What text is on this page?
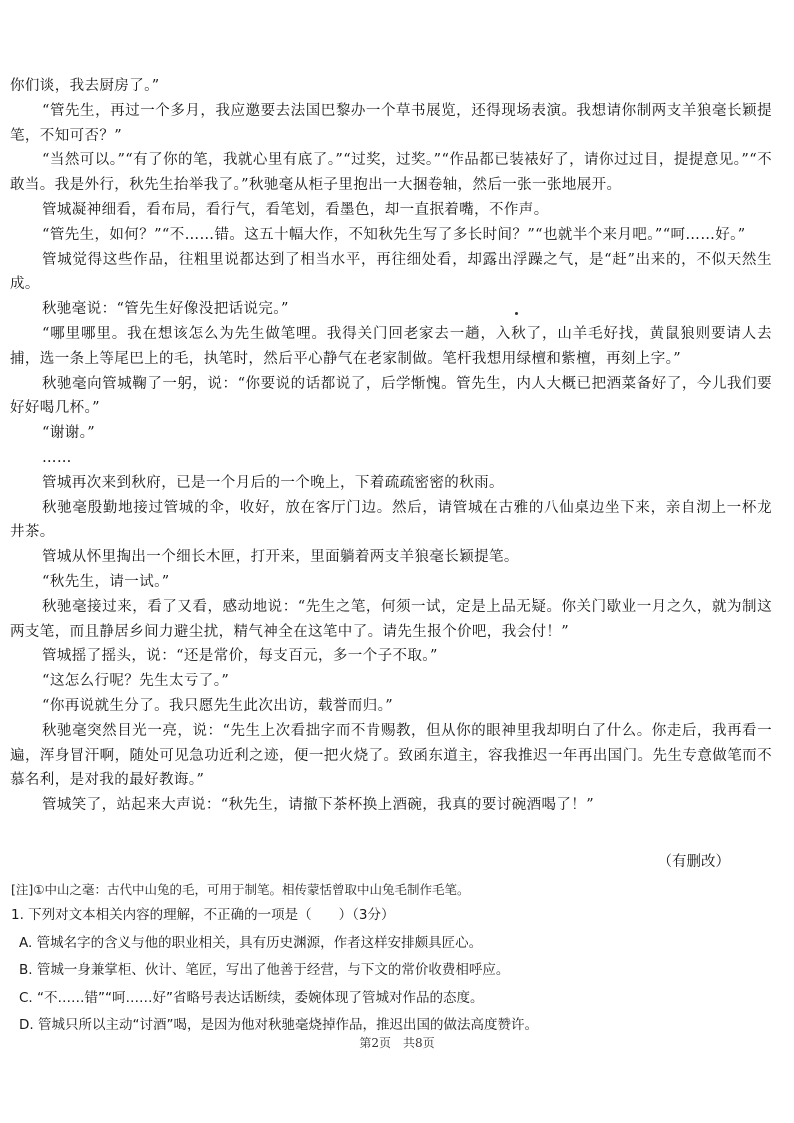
你们谈，我去厨房了。”

“管先生，再过一个多月，我应邀要去法国巴黎办一个草书展览，还得现场表演。我想请你制两支羊狼毫长颖提笔，不知可否？”

“当然可以。”“有了你的笔，我就心里有底了。”“过奖，过奖。”“作品都已装裱好了，请你过过目，提提意见。”“不敢当。我是外行，秋先生抬举我了。”秋驰毫从柜子里抱出一大捆卷轴，然后一张一张地展开。

管城凝神细看，看布局，看行气，看笔划，看墨色，却一直抿着嘴，不作声。

“管先生，如何？”“不……错。这五十幅大作，不知秋先生写了多长时间？”“也就半个来月吧。”“呵……好。”

管城觉得这些作品，往粗里说都达到了相当水平，再往细处看，却露出浮躁之气，是“赶”出来的，不似天然生成。

秋驰毫说：“管先生好像没把话说完。”

“哪里哪里。我在想该怎么为先生做笔哩。我得关门回老家去一趟，入秋了，山羊毛好找，黄鼠狼则要请人去捕，选一条上等尾巴上的毛，执笔时，然后平心静气在老家制做。笔杆我想用绿檀和紫檀，再刻上字。”

秋驰毫向管城鞠了一躬，说：“你要说的话都说了，后学惭愧。管先生，内人大概已把酒菜备好了，今儿我们要好好喝几杯。”

“谢谢。”

……

管城再次来到秋府，已是一个月后的一个晚上，下着疏疏密密的秋雨。

秋驰毫殷勤地接过管城的伞，收好，放在客厅门边。然后，请管城在古雅的八仙桌边坐下来，亲自沏上一杯龙井茶。

管城从怀里掏出一个细长木匣，打开来，里面躺着两支羊狼毫长颖提笔。

“秋先生，请一试。”

秋驰毫接过来，看了又看，感动地说：“先生之笔，何须一试，定是上品无疑。你关门歇业一月之久，就为制这两支笔，而且静居乡间力避尘扰，精气神全在这笔中了。请先生报个价吧，我会付！”

管城摇了摇头，说：“还是常价，每支百元，多一个子不取。”

“这怎么行呢？先生太亏了。”

“你再说就生分了。我只愿先生此次出访，载誉而归。”

秋驰毫突然目光一亮，说：“先生上次看拙字而不肯赐教，但从你的眼神里我却明白了什么。你走后，我再看一遍，浑身冒汗啊，随处可见急功近利之迹，便一把火烧了。致函东道主，容我推迟一年再出国门。先生专意做笔而不慕名利，是对我的最好教诲。”

管城笑了，站起来大声说：“秋先生，请撤下茶杯换上酒碗，我真的要讨碗酒喝了！”

（有删改）
[注]①中山之毫：古代中山兔的毛，可用于制笔。相传蒙恬曾取中山兔毛制作毛笔。

1. 下列对文本相关内容的理解，不正确的一项是（　　）（3分）

A. 管城名字的含义与他的职业相关，具有历史渊源，作者这样安排颇具匠心。

B. 管城一身兼掌柜、伙计、笔匠，写出了他善于经营，与下文的常价收费相呼应。

C. “不……错”“呵……好”省略号表达话断续，委婉体现了管城对作品的态度。

D. 管城只所以主动“讨酒”喝，是因为他对秋驰毫烧掉作品，推迟出国的做法高度赞许。

第2页　共8页
